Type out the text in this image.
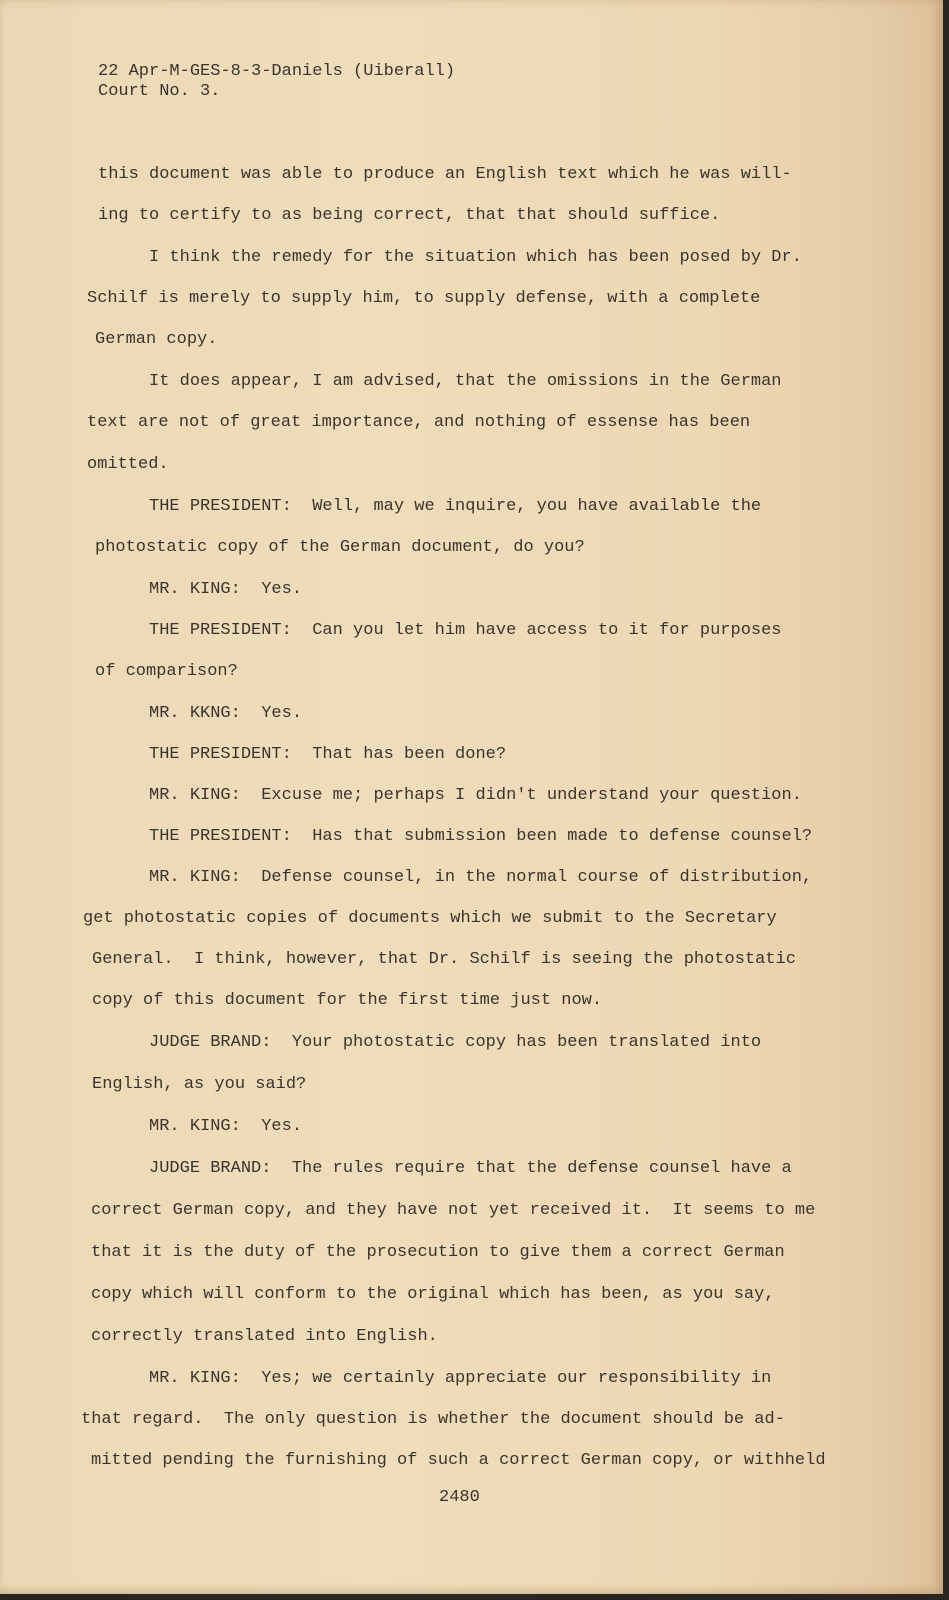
22 Apr-M-GES-8-3-Daniels (Uiberall)
Court No. 3.
this document was able to produce an English text which he was will-
ing to certify to as being correct, that that should suffice.
I think the remedy for the situation which has been posed by Dr.
Schilf is merely to supply him, to supply defense, with a complete
German copy.
It does appear, I am advised, that the omissions in the German
text are not of great importance, and nothing of essense has been
omitted.
THE PRESIDENT:  Well, may we inquire, you have available the
photostatic copy of the German document, do you?
MR. KING:  Yes.
THE PRESIDENT:  Can you let him have access to it for purposes
of comparison?
MR. KKNG:  Yes.
THE PRESIDENT:  That has been done?
MR. KING:  Excuse me; perhaps I didn't understand your question.
THE PRESIDENT:  Has that submission been made to defense counsel?
MR. KING:  Defense counsel, in the normal course of distribution,
get photostatic copies of documents which we submit to the Secretary
General.  I think, however, that Dr. Schilf is seeing the photostatic
copy of this document for the first time just now.
JUDGE BRAND:  Your photostatic copy has been translated into
English, as you said?
MR. KING:  Yes.
JUDGE BRAND:  The rules require that the defense counsel have a
correct German copy, and they have not yet received it.  It seems to me
that it is the duty of the prosecution to give them a correct German
copy which will conform to the original which has been, as you say,
correctly translated into English.
MR. KING:  Yes; we certainly appreciate our responsibility in
that regard.  The only question is whether the document should be ad-
mitted pending the furnishing of such a correct German copy, or withheld
2480
